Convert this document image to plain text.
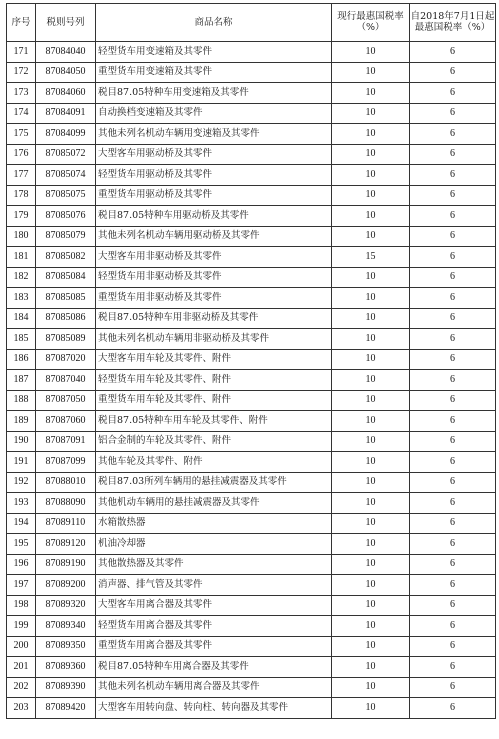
序号	税则号列	商品名称	现行最惠国税率（%）	自2018年7月1日起最惠国税率（%）
171	87084040	轻型货车用变速箱及其零件	10	6
172	87084050	重型货车用变速箱及其零件	10	6
173	87084060	税目87.05特种车用变速箱及其零件	10	6
174	87084091	自动换档变速箱及其零件	10	6
175	87084099	其他未列名机动车辆用变速箱及其零件	10	6
176	87085072	大型客车用驱动桥及其零件	10	6
177	87085074	轻型货车用驱动桥及其零件	10	6
178	87085075	重型货车用驱动桥及其零件	10	6
179	87085076	税目87.05特种车用驱动桥及其零件	10	6
180	87085079	其他未列名机动车辆用驱动桥及其零件	10	6
181	87085082	大型客车用非驱动桥及其零件	15	6
182	87085084	轻型货车用非驱动桥及其零件	10	6
183	87085085	重型货车用非驱动桥及其零件	10	6
184	87085086	税目87.05特种车用非驱动桥及其零件	10	6
185	87085089	其他未列名机动车辆用非驱动桥及其零件	10	6
186	87087020	大型客车用车轮及其零件、附件	10	6
187	87087040	轻型货车用车轮及其零件、附件	10	6
188	87087050	重型货车用车轮及其零件、附件	10	6
189	87087060	税目87.05特种车用车轮及其零件、附件	10	6
190	87087091	铝合金制的车轮及其零件、附件	10	6
191	87087099	其他车轮及其零件、附件	10	6
192	87088010	税目87.03所列车辆用的悬挂减震器及其零件	10	6
193	87088090	其他机动车辆用的悬挂减震器及其零件	10	6
194	87089110	水箱散热器	10	6
195	87089120	机油冷却器	10	6
196	87089190	其他散热器及其零件	10	6
197	87089200	消声器、排气管及其零件	10	6
198	87089320	大型客车用离合器及其零件	10	6
199	87089340	轻型货车用离合器及其零件	10	6
200	87089350	重型货车用离合器及其零件	10	6
201	87089360	税目87.05特种车用离合器及其零件	10	6
202	87089390	其他未列名机动车辆用离合器及其零件	10	6
203	87089420	大型客车用转向盘、转向柱、转向器及其零件	10	6
